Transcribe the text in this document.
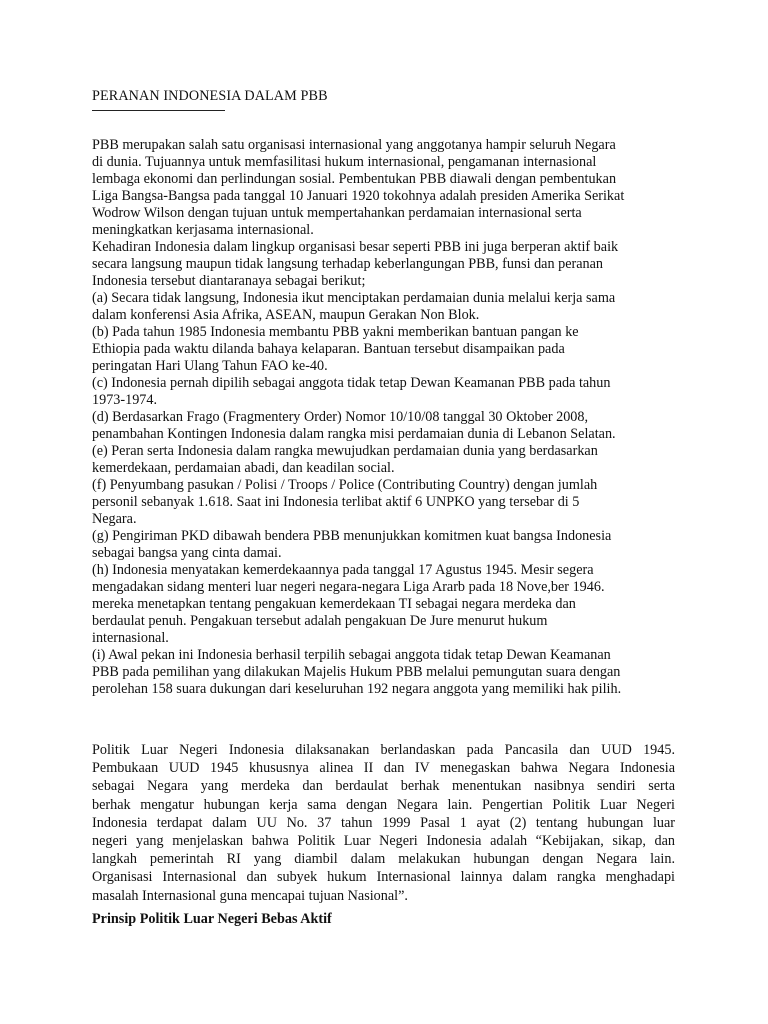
PERANAN INDONESIA DALAM PBB
PBB merupakan salah satu organisasi internasional yang anggotanya hampir seluruh Negara
di dunia. Tujuannya untuk memfasilitasi hukum internasional, pengamanan internasional
lembaga ekonomi dan perlindungan sosial. Pembentukan PBB diawali dengan pembentukan
Liga Bangsa-Bangsa pada tanggal 10 Januari 1920 tokohnya adalah presiden Amerika Serikat
Wodrow Wilson dengan tujuan untuk mempertahankan perdamaian internasional serta
meningkatkan kerjasama internasional.
Kehadiran Indonesia dalam lingkup organisasi besar seperti PBB ini juga berperan aktif baik
secara langsung maupun tidak langsung terhadap keberlangungan PBB, funsi dan peranan
Indonesia tersebut diantaranaya sebagai berikut;
(a) Secara tidak langsung, Indonesia ikut menciptakan perdamaian dunia melalui kerja sama
dalam konferensi Asia Afrika, ASEAN, maupun Gerakan Non Blok.
(b) Pada tahun 1985 Indonesia membantu PBB yakni memberikan bantuan pangan ke
Ethiopia pada waktu dilanda bahaya kelaparan. Bantuan tersebut disampaikan pada
peringatan Hari Ulang Tahun FAO ke-40.
(c) Indonesia pernah dipilih sebagai anggota tidak tetap Dewan Keamanan PBB pada tahun
1973-1974.
(d) Berdasarkan Frago (Fragmentery Order) Nomor 10/10/08 tanggal 30 Oktober 2008,
penambahan Kontingen Indonesia dalam rangka misi perdamaian dunia di Lebanon Selatan.
(e) Peran serta Indonesia dalam rangka mewujudkan perdamaian dunia yang berdasarkan
kemerdekaan, perdamaian abadi, dan keadilan social.
(f) Penyumbang pasukan / Polisi / Troops / Police (Contributing Country) dengan jumlah
personil sebanyak 1.618. Saat ini Indonesia terlibat aktif 6 UNPKO yang tersebar di 5
Negara.
(g) Pengiriman PKD dibawah bendera PBB menunjukkan komitmen kuat bangsa Indonesia
sebagai bangsa yang cinta damai.
(h) Indonesia menyatakan kemerdekaannya pada tanggal 17 Agustus 1945. Mesir segera
mengadakan sidang menteri luar negeri negara-negara Liga Ararb pada 18 Nove,ber 1946.
mereka menetapkan tentang pengakuan kemerdekaan TI sebagai negara merdeka dan
berdaulat penuh. Pengakuan tersebut adalah pengakuan De Jure menurut hukum
internasional.
(i) Awal pekan ini Indonesia berhasil terpilih sebagai anggota tidak tetap Dewan Keamanan
PBB pada pemilihan yang dilakukan Majelis Hukum PBB melalui pemungutan suara dengan
perolehan 158 suara dukungan dari keseluruhan 192 negara anggota yang memiliki hak pilih.
Politik Luar Negeri Indonesia dilaksanakan berlandaskan pada Pancasila dan UUD 1945.
Pembukaan UUD 1945 khususnya alinea II dan IV menegaskan bahwa Negara Indonesia
sebagai Negara yang merdeka dan berdaulat berhak menentukan nasibnya sendiri serta
berhak mengatur hubungan kerja sama dengan Negara lain. Pengertian Politik Luar Negeri
Indonesia terdapat dalam UU No. 37 tahun 1999 Pasal 1 ayat (2) tentang hubungan luar
negeri yang menjelaskan bahwa Politik Luar Negeri Indonesia adalah “Kebijakan, sikap, dan
langkah pemerintah RI yang diambil dalam melakukan hubungan dengan Negara lain.
Organisasi Internasional dan subyek hukum Internasional lainnya dalam rangka menghadapi
masalah Internasional guna mencapai tujuan Nasional”.
Prinsip Politik Luar Negeri Bebas Aktif
